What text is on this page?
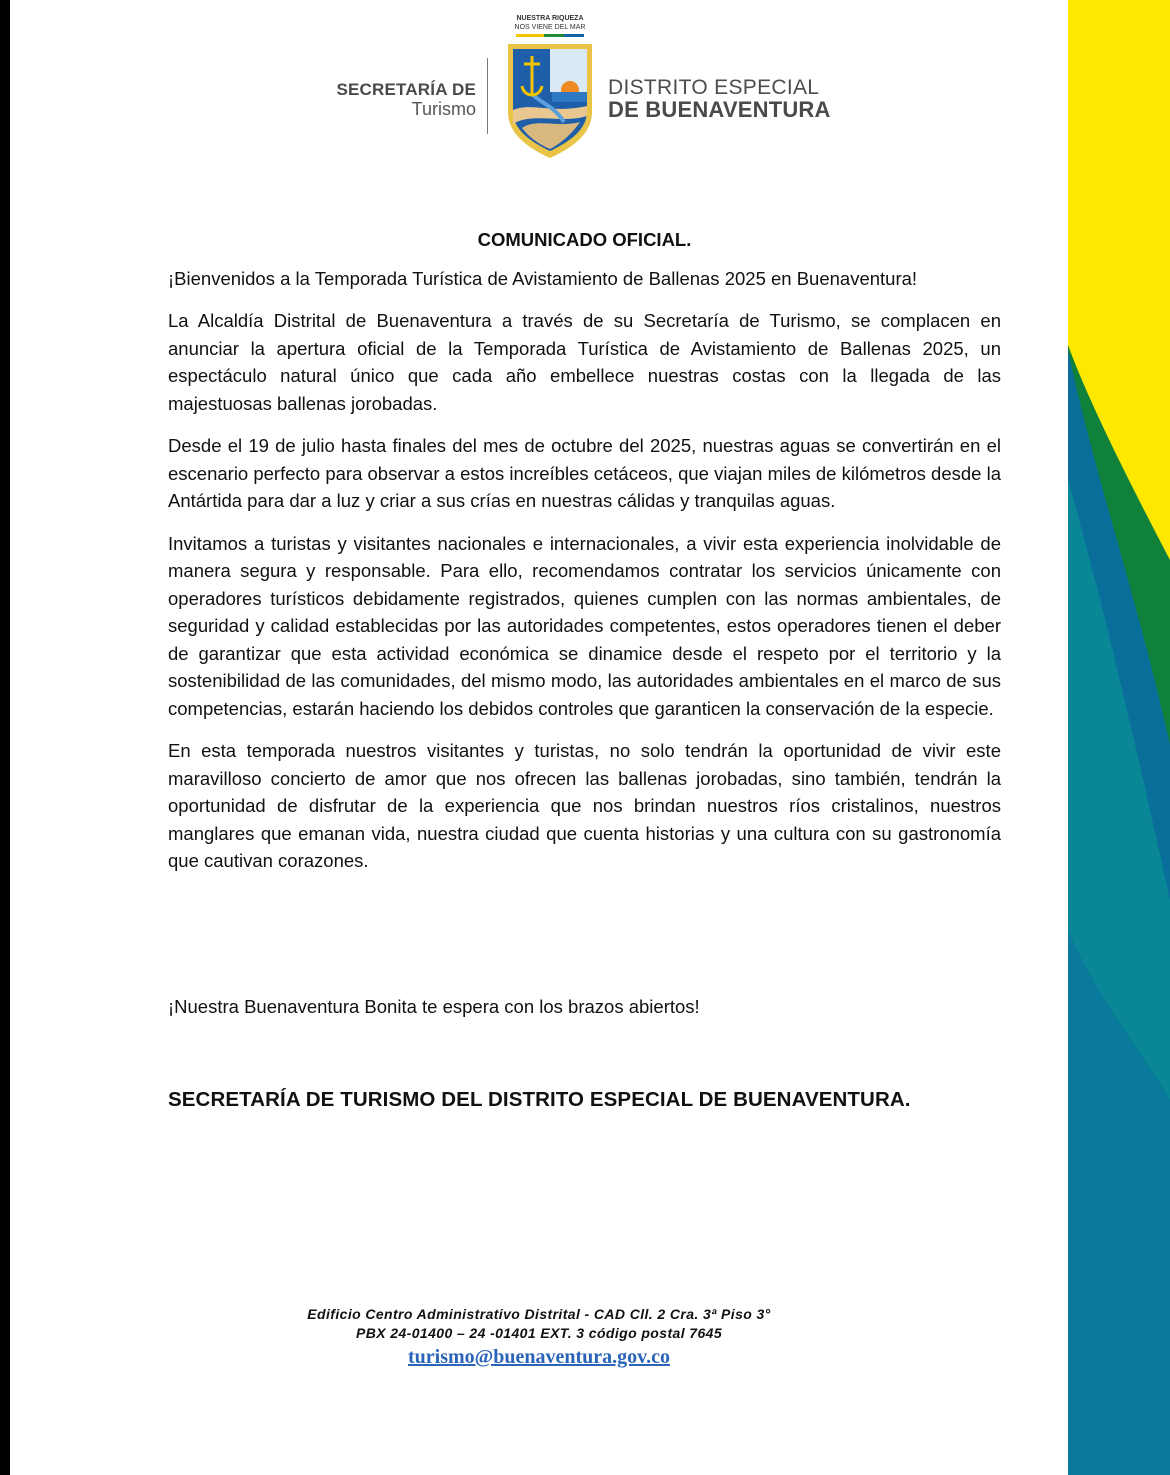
SECRETARÍA DE
Turismo
NUESTRA RIQUEZA
NOS VIENE DEL MAR
DISTRITO ESPECIAL
DE BUENAVENTURA
COMUNICADO OFICIAL.

¡Bienvenidos a la Temporada Turística de Avistamiento de Ballenas 2025 en Buenaventura!

La Alcaldía Distrital de Buenaventura a través de su Secretaría de Turismo, se complacen en anunciar la apertura oficial de la Temporada Turística de Avistamiento de Ballenas 2025, un espectáculo natural único que cada año embellece nuestras costas con la llegada de las majestuosas ballenas jorobadas.

Desde el 19 de julio hasta finales del mes de octubre del 2025, nuestras aguas se convertirán en el escenario perfecto para observar a estos increíbles cetáceos, que viajan miles de kilómetros desde la Antártida para dar a luz y criar a sus crías en nuestras cálidas y tranquilas aguas.

Invitamos a turistas y visitantes nacionales e internacionales, a vivir esta experiencia inolvidable de manera segura y responsable. Para ello, recomendamos contratar los servicios únicamente con operadores turísticos debidamente registrados, quienes cumplen con las normas ambientales, de seguridad y calidad establecidas por las autoridades competentes, estos operadores tienen el deber de garantizar que esta actividad económica se dinamice desde el respeto por el territorio y la sostenibilidad de las comunidades, del mismo modo, las autoridades ambientales en el marco de sus competencias, estarán haciendo los debidos controles que garanticen la conservación de la especie.

En esta temporada nuestros visitantes y turistas, no solo tendrán la oportunidad de vivir este maravilloso concierto de amor que nos ofrecen las ballenas jorobadas, sino también, tendrán la oportunidad de disfrutar de la experiencia que nos brindan nuestros ríos cristalinos, nuestros manglares que emanan vida, nuestra ciudad que cuenta historias y una cultura con su gastronomía que cautivan corazones.

¡Nuestra Buenaventura Bonita te espera con los brazos abiertos!
SECRETARÍA DE TURISMO DEL DISTRITO ESPECIAL DE BUENAVENTURA.
Edificio Centro Administrativo Distrital - CAD Cll. 2 Cra. 3ª Piso 3°
PBX 24-01400 – 24 -01401 EXT. 3 código postal 7645
turismo@buenaventura.gov.co
